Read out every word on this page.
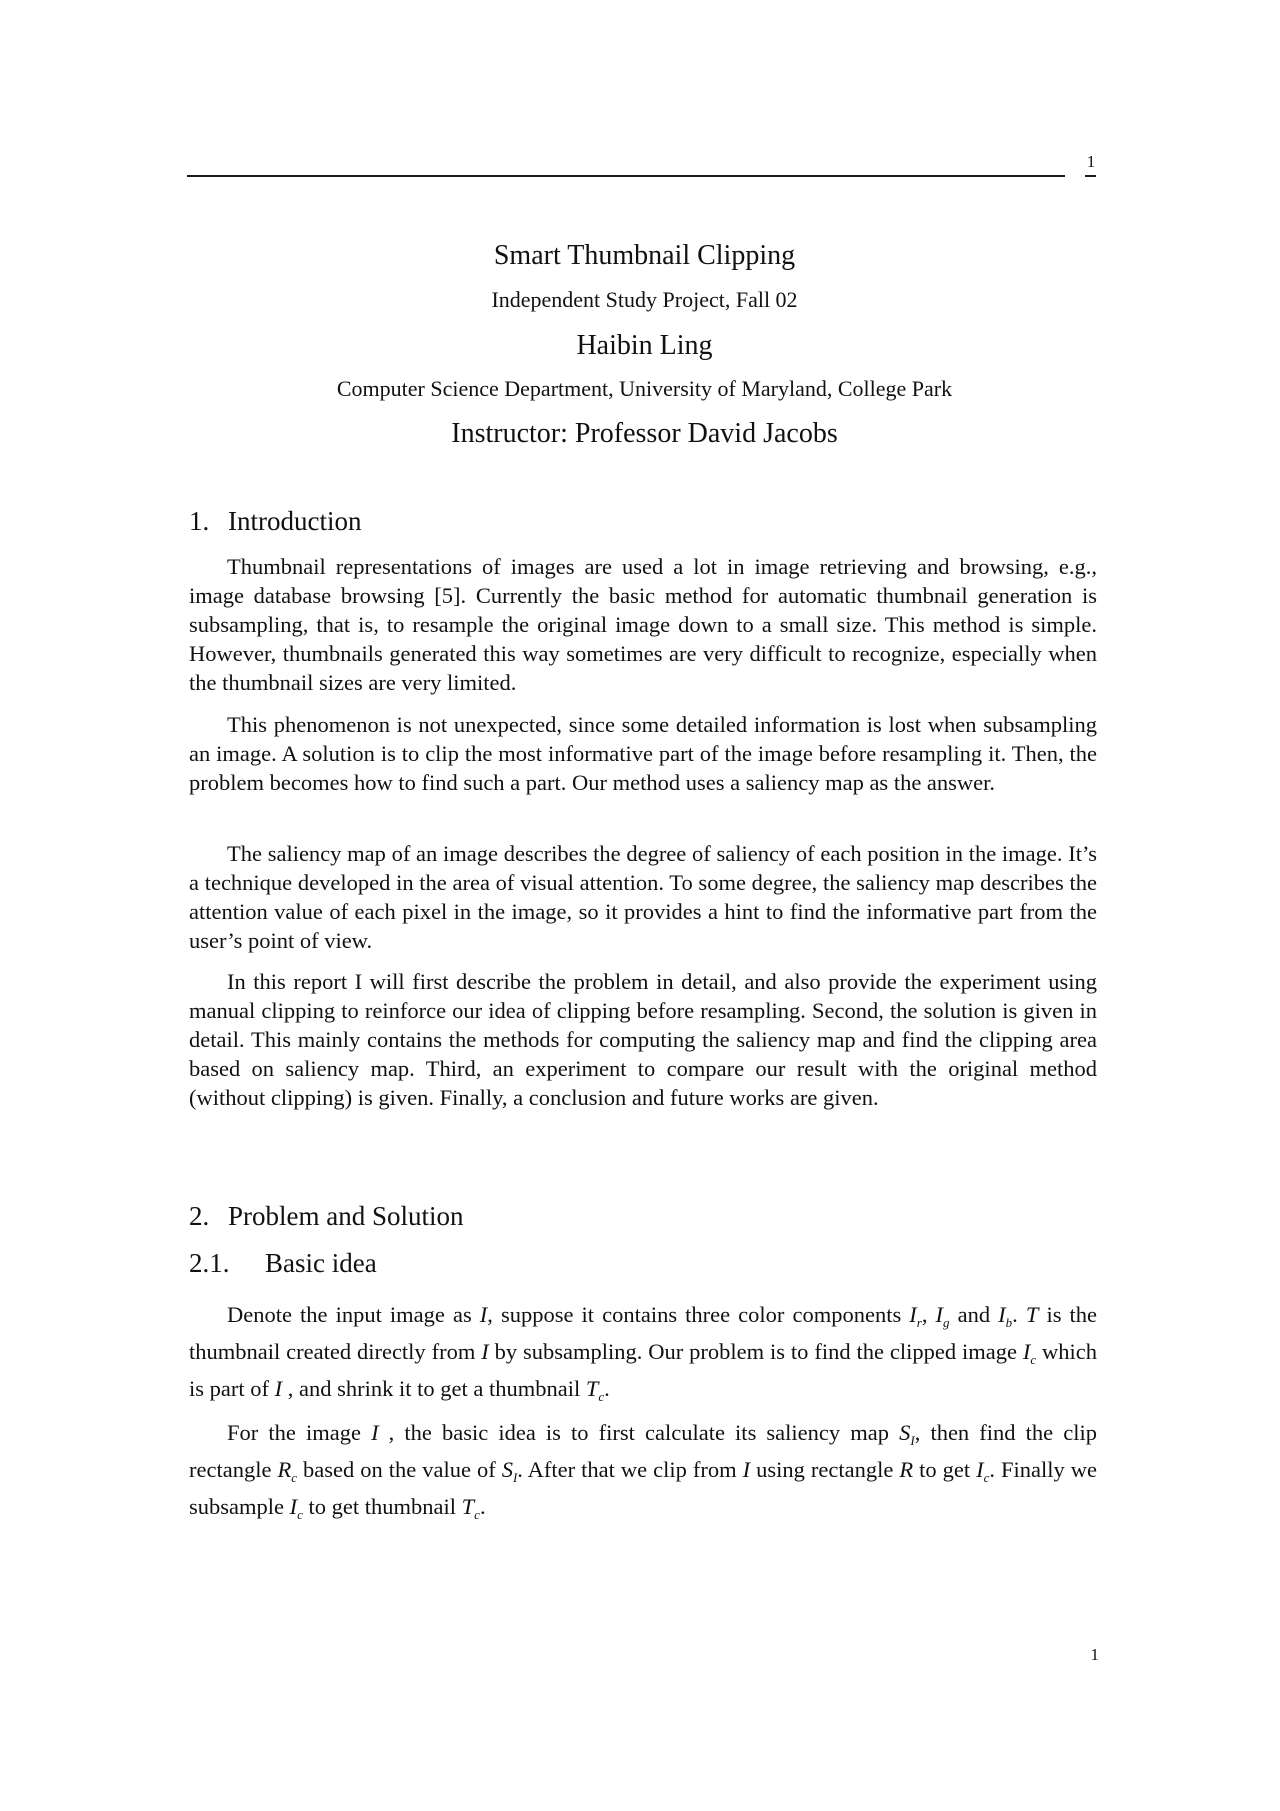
1
Smart Thumbnail Clipping
Independent Study Project, Fall 02
Haibin Ling
Computer Science Department, University of Maryland, College Park
Instructor: Professor David Jacobs
1. Introduction

Thumbnail representations of images are used a lot in image retrieving and browsing, e.g., image database browsing [5]. Currently the basic method for automatic thumbnail generation is subsampling, that is, to resample the original image down to a small size. This method is simple. However, thumbnails generated this way sometimes are very difficult to recognize, especially when the thumbnail sizes are very limited.

This phenomenon is not unexpected, since some detailed information is lost when subsampling an image. A solution is to clip the most informative part of the image before resampling it. Then, the problem becomes how to find such a part. Our method uses a saliency map as the answer.

The saliency map of an image describes the degree of saliency of each position in the image. It’s a technique developed in the area of visual attention. To some degree, the saliency map describes the attention value of each pixel in the image, so it provides a hint to find the informative part from the user’s point of view.

In this report I will first describe the problem in detail, and also provide the experiment using manual clipping to reinforce our idea of clipping before resampling. Second, the solution is given in detail. This mainly contains the methods for computing the saliency map and find the clipping area based on saliency map. Third, an experiment to compare our result with the original method (without clipping) is given. Finally, a conclusion and future works are given.

2. Problem and Solution
2.1. Basic idea

Denote the input image as I, suppose it contains three color components $I_r$, $I_g$ and $I_b$. T is the thumbnail created directly from I by subsampling. Our problem is to find the clipped image $I_c$ which is part of I , and shrink it to get a thumbnail $T_c$.

For the image I , the basic idea is to first calculate its saliency map $S_I$, then find the clip rectangle $R_c$ based on the value of $S_I$. After that we clip from I using rectangle R to get $I_c$. Finally we subsample $I_c$ to get thumbnail $T_c$.

1
